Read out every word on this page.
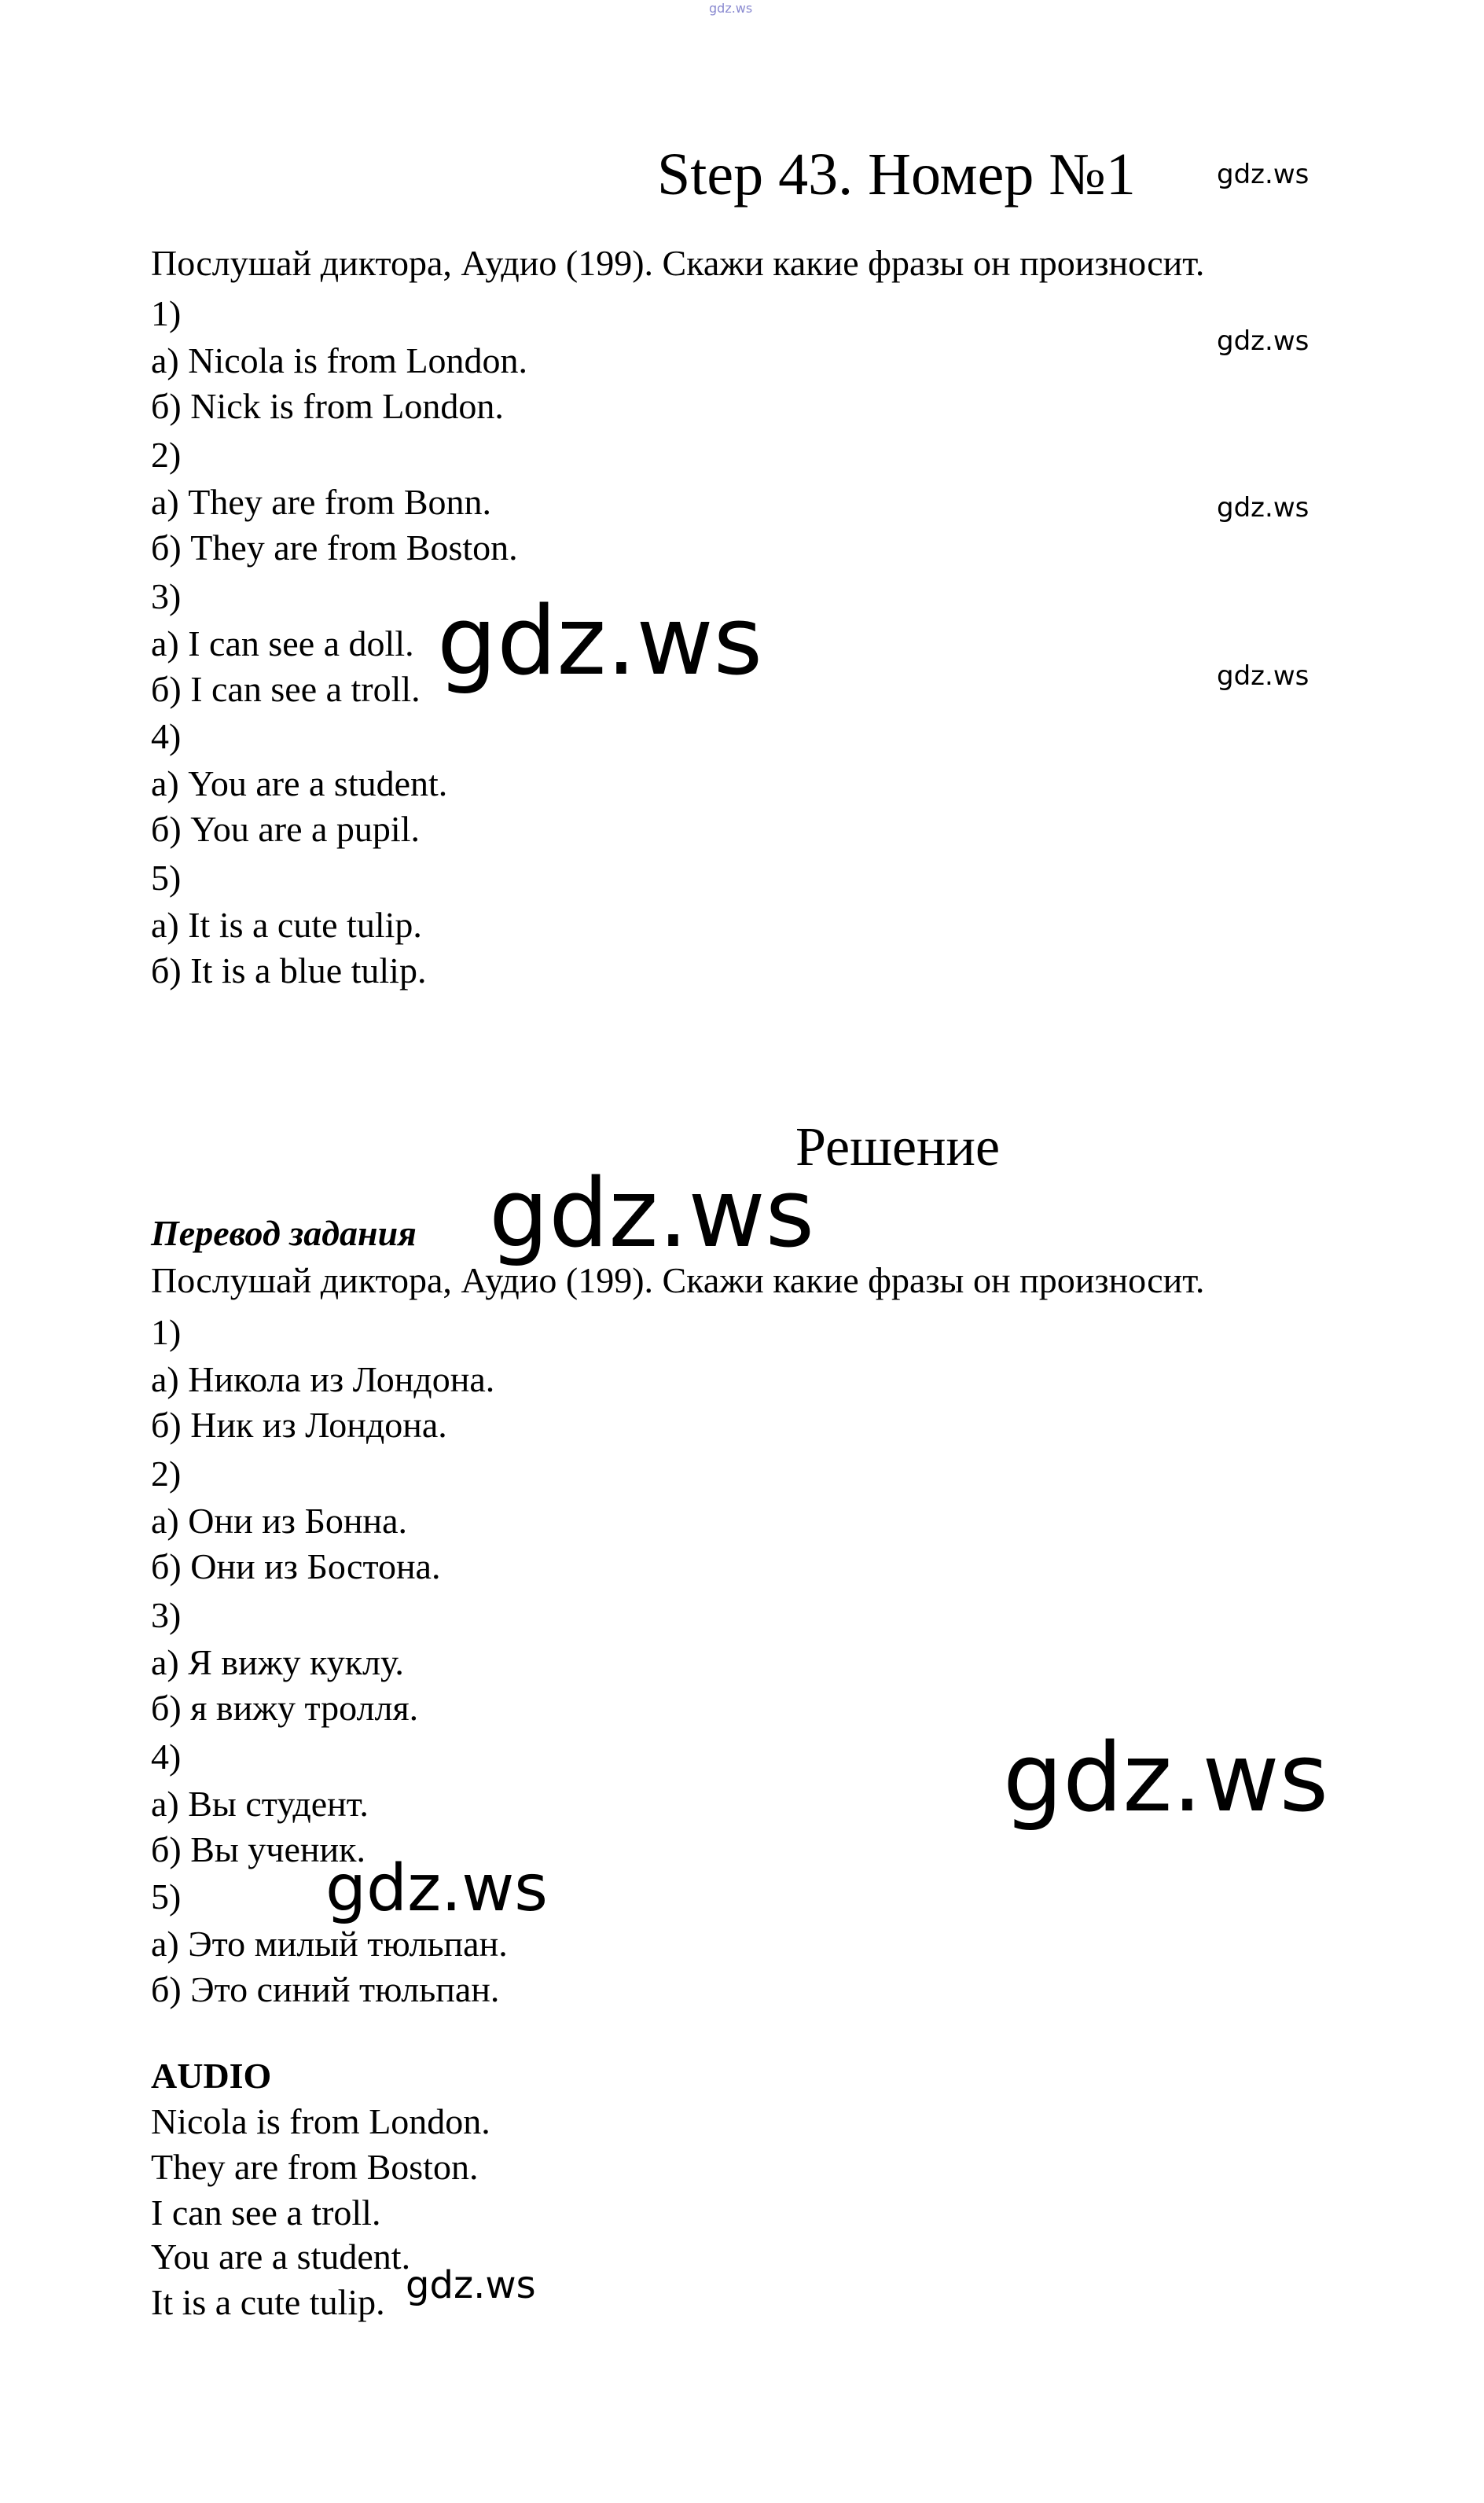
gdz.ws
Step 43. Номер №1	gdz.ws
Послушай диктора, Аудио (199). Скажи какие фразы он произносит.
1)
а) Nicola is from London.
б) Nick is from London.
2)
а) They are from Bonn.
б) They are from Boston.
3)
а) I can see a doll.
б) I can see a troll.
4)
а) You are a student.
б) You are a pupil.
5)
а) It is a cute tulip.
б) It is a blue tulip.
gdz.ws
gdz.ws
gdz.ws
gdz.ws
Решение
gdz.ws
Перевод задания
Послушай диктора, Аудио (199). Скажи какие фразы он произносит.
1)
а) Никола из Лондона.
б) Ник из Лондона.
2)
а) Они из Бонна.
б) Они из Бостона.
3)
а) Я вижу куклу.
б) я вижу тролля.
4)
а) Вы студент.
б) Вы ученик.
5)
а) Это милый тюльпан.
б) Это синий тюльпан.
gdz.ws
gdz.ws
AUDIO
Nicola is from London.
They are from Boston.
I can see a troll.
You are a student.
It is a cute tulip. gdz.ws
